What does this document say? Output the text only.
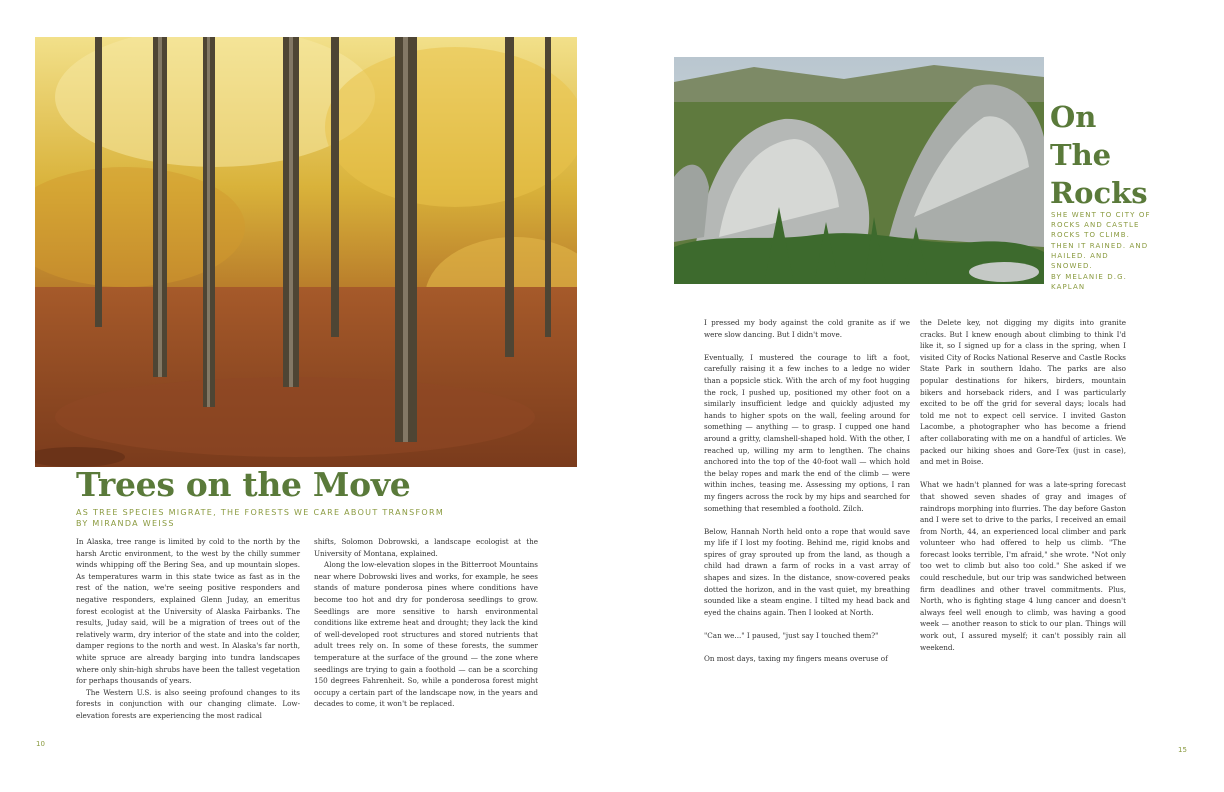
Trees on the Move
AS TREE SPECIES MIGRATE, THE FORESTS WE CARE ABOUT TRANSFORM
BY MIRANDA WEISS

In Alaska, tree range is limited by cold to the north by the harsh Arctic environment, to the west by the chilly summer winds whipping off the Bering Sea, and up mountain slopes. As temperatures warm in this state twice as fast as in the rest of the nation, we're seeing positive responders and negative responders, explained Glenn Juday, an emeritus forest ecologist at the University of Alaska Fairbanks. The results, Juday said, will be a migration of trees out of the relatively warm, dry interior of the state and into the colder, damper regions to the north and west. In Alaska's far north, white spruce are already barging into tundra landscapes where only shin-high shrubs have been the tallest vegetation for perhaps thousands of years.

The Western U.S. is also seeing profound changes to its forests in conjunction with our changing climate. Low-elevation forests are experiencing the most radical

shifts, Solomon Dobrowski, a landscape ecologist at the University of Montana, explained.

Along the low-elevation slopes in the Bitterroot Mountains near where Dobrowski lives and works, for example, he sees stands of mature ponderosa pines where conditions have become too hot and dry for ponderosa seedlings to grow. Seedlings are more sensitive to harsh environmental conditions like extreme heat and drought; they lack the kind of well-developed root structures and stored nutrients that adult trees rely on. In some of these forests, the summer temperature at the surface of the ground — the zone where seedlings are trying to gain a foothold — can be a scorching 150 degrees Fahrenheit. So, while a ponderosa forest might occupy a certain part of the landscape now, in the years and decades to come, it won't be replaced.

10
On The Rocks
SHE WENT TO CITY OF ROCKS AND CASTLE ROCKS TO CLIMB. THEN IT RAINED. AND HAILED. AND SNOWED.
BY MELANIE D.G. KAPLAN

I pressed my body against the cold granite as if we were slow dancing. But I didn't move.

Eventually, I mustered the courage to lift a foot, carefully raising it a few inches to a ledge no wider than a popsicle stick. With the arch of my foot hugging the rock, I pushed up, positioned my other foot on a similarly insufficient ledge and quickly adjusted my hands to higher spots on the wall, feeling around for something — anything — to grasp. I cupped one hand around a gritty, clamshell-shaped hold. With the other, I reached up, willing my arm to lengthen. The chains anchored into the top of the 40-foot wall — which hold the belay ropes and mark the end of the climb — were within inches, teasing me. Assessing my options, I ran my fingers across the rock by my hips and searched for something that resembled a foothold. Zilch.

Below, Hannah North held onto a rope that would save my life if I lost my footing. Behind me, rigid knobs and spires of gray sprouted up from the land, as though a child had drawn a farm of rocks in a vast array of shapes and sizes. In the distance, snow-covered peaks dotted the horizon, and in the vast quiet, my breathing sounded like a steam engine. I tilted my head back and eyed the chains again. Then I looked at North.

"Can we..." I paused, "just say I touched them?"

On most days, taxing my fingers means overuse of

the Delete key, not digging my digits into granite cracks. But I knew enough about climbing to think I'd like it, so I signed up for a class in the spring, when I visited City of Rocks National Reserve and Castle Rocks State Park in southern Idaho. The parks are also popular destinations for hikers, birders, mountain bikers and horseback riders, and I was particularly excited to be off the grid for several days; locals had told me not to expect cell service. I invited Gaston Lacombe, a photographer who has become a friend after collaborating with me on a handful of articles. We packed our hiking shoes and Gore-Tex (just in case), and met in Boise.

What we hadn't planned for was a late-spring forecast that showed seven shades of gray and images of raindrops morphing into flurries. The day before Gaston and I were set to drive to the parks, I received an email from North, 44, an experienced local climber and park volunteer who had offered to help us climb. "The forecast looks terrible, I'm afraid," she wrote. "Not only too wet to climb but also too cold." She asked if we could reschedule, but our trip was sandwiched between firm deadlines and other travel commitments. Plus, North, who is fighting stage 4 lung cancer and doesn't always feel well enough to climb, was having a good week — another reason to stick to our plan. Things will work out, I assured myself; it can't possibly rain all weekend.

15
